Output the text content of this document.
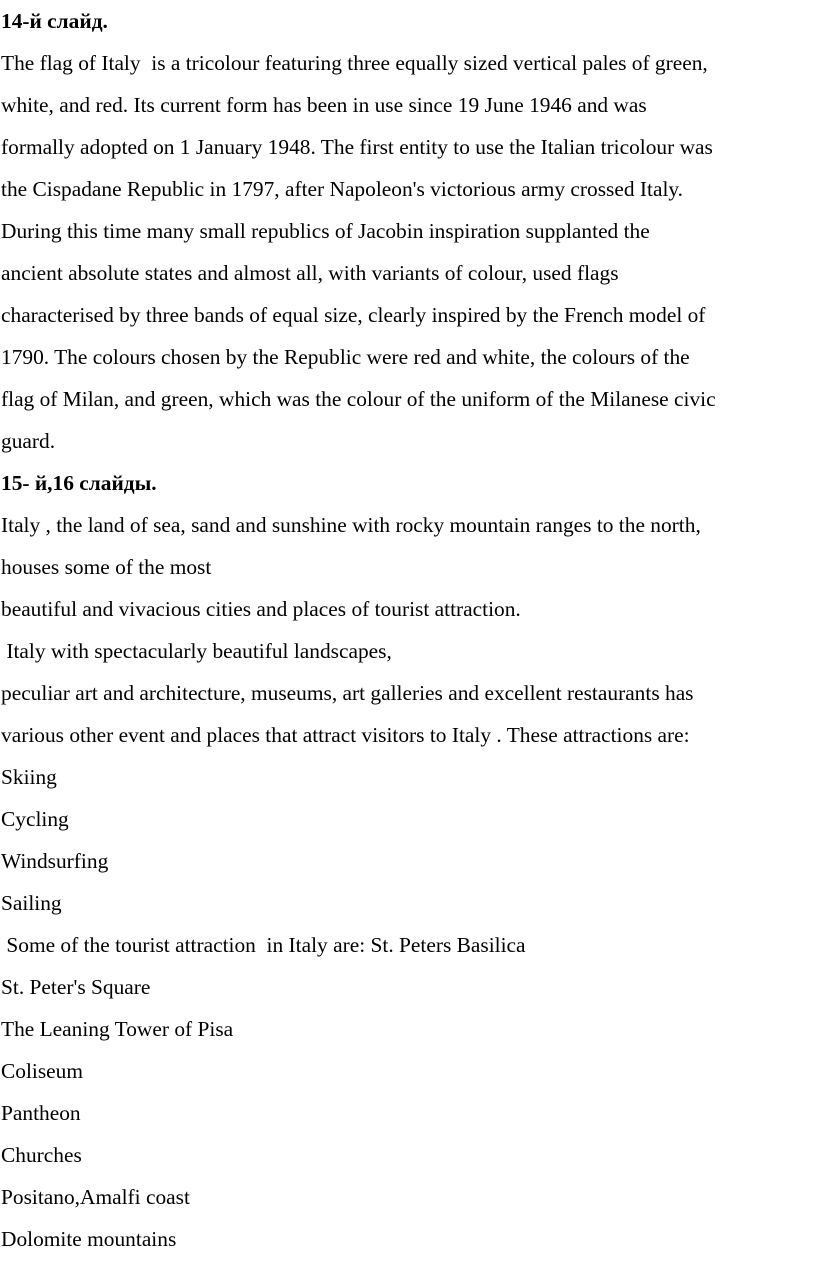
14-й слайд.
The flag of Italy  is a tricolour featuring three equally sized vertical pales of green,
white, and red. Its current form has been in use since 19 June 1946 and was
formally adopted on 1 January 1948. The first entity to use the Italian tricolour was
the Cispadane Republic in 1797, after Napoleon's victorious army crossed Italy.
During this time many small republics of Jacobin inspiration supplanted the
ancient absolute states and almost all, with variants of colour, used flags
characterised by three bands of equal size, clearly inspired by the French model of
1790. The colours chosen by the Republic were red and white, the colours of the
flag of Milan, and green, which was the colour of the uniform of the Milanese civic
guard.
15- й,16 слайды.
Italy , the land of sea, sand and sunshine with rocky mountain ranges to the north,
houses some of the most
beautiful and vivacious cities and places of tourist attraction.
Italy with spectacularly beautiful landscapes,
peculiar art and architecture, museums, art galleries and excellent restaurants has
various other event and places that attract visitors to Italy . These attractions are:
Skiing
Cycling
Windsurfing
Sailing
Some of the tourist attraction  in Italy are: St. Peters Basilica
St. Peter's Square
The Leaning Tower of Pisa
Coliseum
Pantheon
Churches
Positano,Amalfi coast
Dolomite mountains
